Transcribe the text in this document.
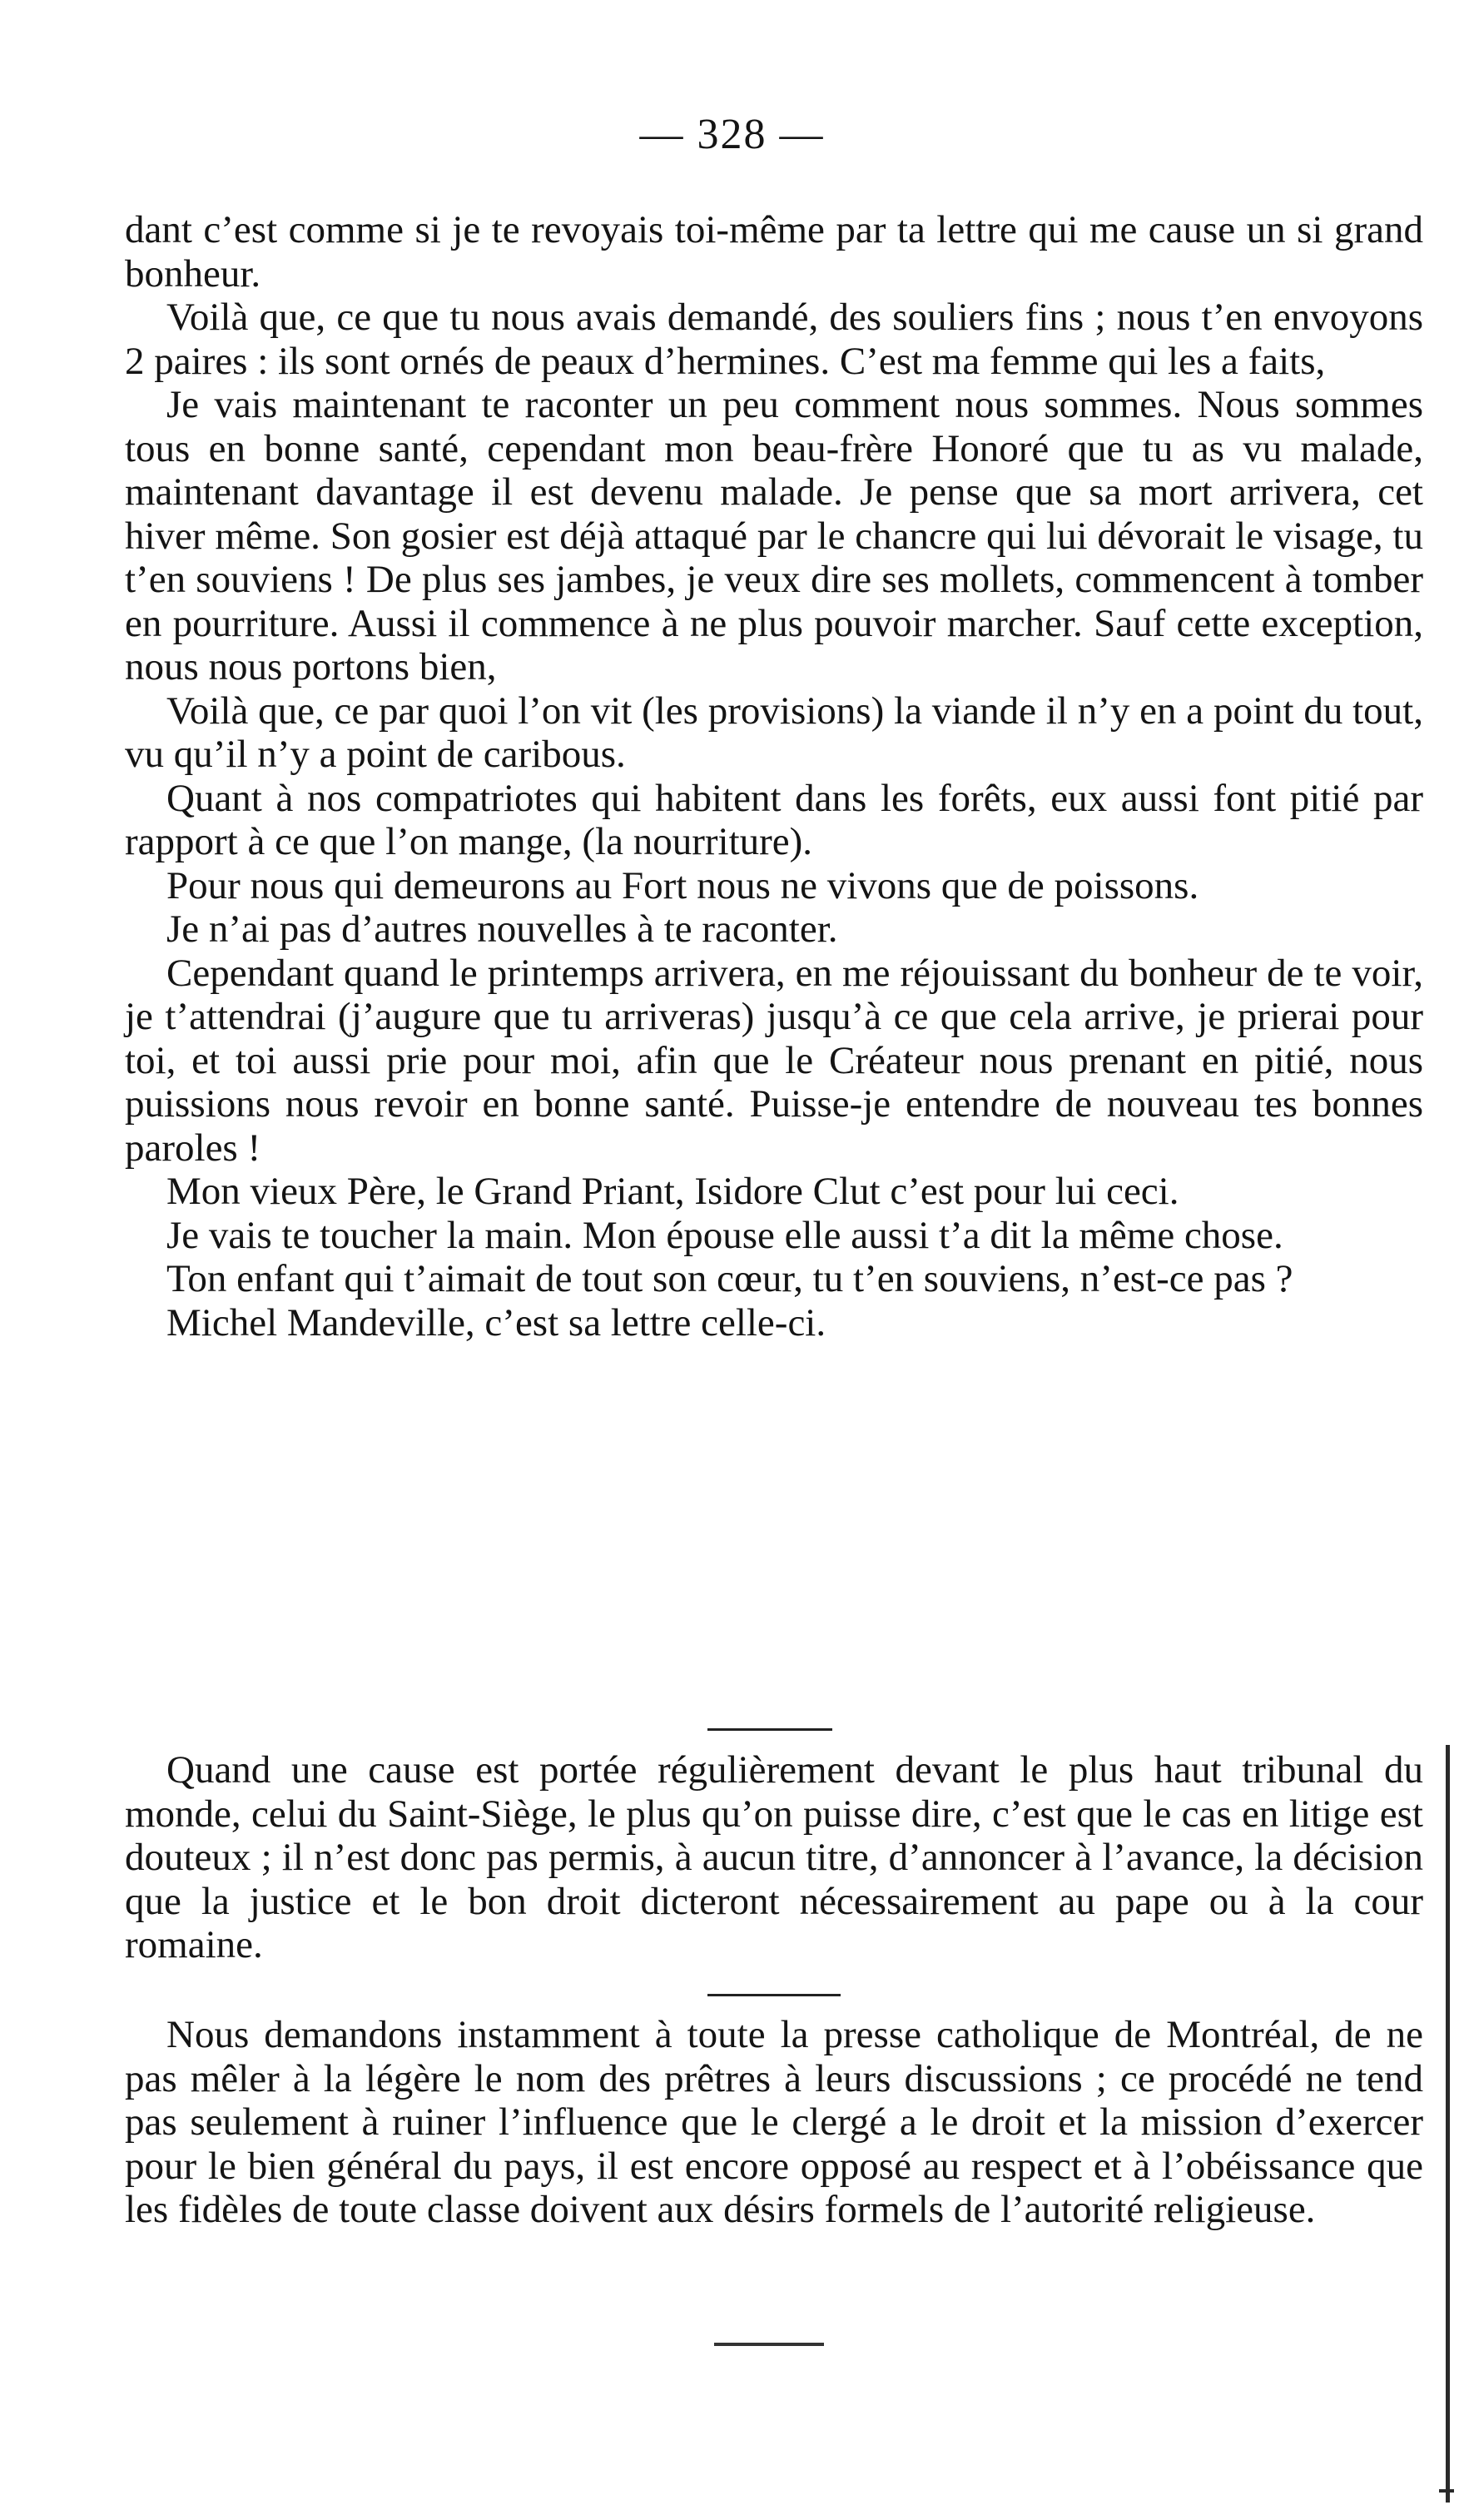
— 328 —

dant c’est comme si je te revoyais toi-même par ta lettre qui me cause un si grand bonheur.

Voilà que, ce que tu nous avais demandé, des souliers fins ; nous t’en envoyons 2 paires : ils sont ornés de peaux d’hermines. C’est ma femme qui les a faits,

Je vais maintenant te raconter un peu comment nous sommes. Nous sommes tous en bonne santé, cependant mon beau-frère Honoré que tu as vu malade, maintenant davantage il est devenu malade. Je pense que sa mort arrivera, cet hiver même. Son gosier est déjà attaqué par le chancre qui lui dévorait le visage, tu t’en souviens ! De plus ses jambes, je veux dire ses mollets, commencent à tomber en pourriture. Aussi il commence à ne plus pouvoir marcher. Sauf cette exception, nous nous portons bien,

Voilà que, ce par quoi l’on vit (les provisions) la viande il n’y en a point du tout, vu qu’il n’y a point de caribous.

Quant à nos compatriotes qui habitent dans les forêts, eux aussi font pitié par rapport à ce que l’on mange, (la nourriture).

Pour nous qui demeurons au Fort nous ne vivons que de poissons.

Je n’ai pas d’autres nouvelles à te raconter.

Cependant quand le printemps arrivera, en me réjouissant du bonheur de te voir, je t’attendrai (j’augure que tu arriveras) jusqu’à ce que cela arrive, je prierai pour toi, et toi aussi prie pour moi, afin que le Créateur nous prenant en pitié, nous puissions nous revoir en bonne santé. Puisse-je entendre de nouveau tes bonnes paroles !

Mon vieux Père, le Grand Priant, Isidore Clut c’est pour lui ceci.

Je vais te toucher la main. Mon épouse elle aussi t’a dit la même chose.

Ton enfant qui t’aimait de tout son cœur, tu t’en souviens, n’est-ce pas ?

Michel Mandeville, c’est sa lettre celle-ci.

Quand une cause est portée régulièrement devant le plus haut tribunal du monde, celui du Saint-Siège, le plus qu’on puisse dire, c’est que le cas en litige est douteux ; il n’est donc pas permis, à aucun titre, d’annoncer à l’avance, la décision que la justice et le bon droit dicteront nécessairement au pape ou à la cour romaine.

Nous demandons instamment à toute la presse catholique de Montréal, de ne pas mêler à la légère le nom des prêtres à leurs discussions ; ce procédé ne tend pas seulement à ruiner l’influence que le clergé a le droit et la mission d’exercer pour le bien général du pays, il est encore opposé au respect et à l’obéissance que les fidèles de toute classe doivent aux désirs formels de l’autorité religieuse.
